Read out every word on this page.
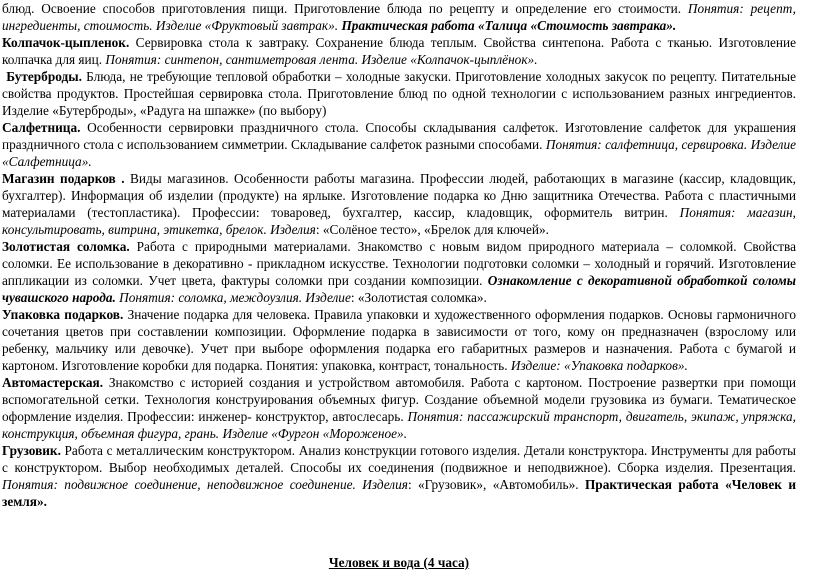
блюд. Освоение способов приготовления пищи. Приготовление блюда по рецепту и определение его стоимости. Понятия: рецепт, ингредиенты, стоимость. Изделие «Фруктовый завтрак». Практическая работа «Талица «Стоимость завтрака».

Колпачок-цыпленок. Сервировка стола к завтраку. Сохранение блюда теплым. Свойства синтепона. Работа с тканью. Изготовление колпачка для яиц. Понятия: синтепон, сантиметровая лента. Изделие «Колпачок-цыплёнок».

Бутерброды. Блюда, не требующие тепловой обработки – холодные закуски. Приготовление холодных закусок по рецепту. Питательные свойства продуктов. Простейшая сервировка стола. Приготовление блюд по одной технологии с использованием разных ингредиентов. Изделие «Бутерброды», «Радуга на шпажке» (по выбору)

Салфетница. Особенности сервировки праздничного стола. Способы складывания салфеток. Изготовление салфеток для украшения праздничного стола с использованием симметрии. Складывание салфеток разными способами. Понятия: салфетница, сервировка. Изделие «Салфетница».

Магазин подарков . Виды магазинов. Особенности работы магазина. Профессии людей, работающих в магазине (кассир, кладовщик, бухгалтер). Информация об изделии (продукте) на ярлыке. Изготовление подарка ко Дню защитника Отечества. Работа с пластичными материалами (тестопластика). Профессии: товаровед, бухгалтер, кассир, кладовщик, оформитель витрин. Понятия: магазин, консультировать, витрина, этикетка, брелок. Изделия: «Солёное тесто», «Брелок для ключей».

Золотистая соломка. Работа с природными материалами. Знакомство с новым видом природного материала – соломкой. Свойства соломки. Ее использование в декоративно - прикладном искусстве. Технологии подготовки соломки – холодный и горячий. Изготовление аппликации из соломки. Учет цвета, фактуры соломки при создании композиции. Ознакомление с декоративной обработкой соломы чувашского народа. Понятия: соломка, междоузлия. Изделие: «Золотистая соломка».

Упаковка подарков. Значение подарка для человека. Правила упаковки и художественного оформления подарков. Основы гармоничного сочетания цветов при составлении композиции. Оформление подарка в зависимости от того, кому он предназначен (взрослому или ребенку, мальчику или девочке). Учет при выборе оформления подарка его габаритных размеров и назначения. Работа с бумагой и картоном. Изготовление коробки для подарка. Понятия: упаковка, контраст, тональность. Изделие: «Упаковка подарков».

Автомастерская. Знакомство с историей создания и устройством автомобиля. Работа с картоном. Построение развертки при помощи вспомогательной сетки. Технология конструирования объемных фигур. Создание объемной модели грузовика из бумаги. Тематическое оформление изделия. Профессии: инженер- конструктор, автослесарь. Понятия: пассажирский транспорт, двигатель, экипаж, упряжка, конструкция, объемная фигура, грань. Изделие «Фургон «Мороженое».

Грузовик. Работа с металлическим конструктором. Анализ конструкции готового изделия. Детали конструктора. Инструменты для работы с конструктором. Выбор необходимых деталей. Способы их соединения (подвижное и неподвижное). Сборка изделия. Презентация. Понятия: подвижное соединение, неподвижное соединение. Изделия: «Грузовик», «Автомобиль». Практическая работа «Человек и земля».

Человек и вода (4 часа)
